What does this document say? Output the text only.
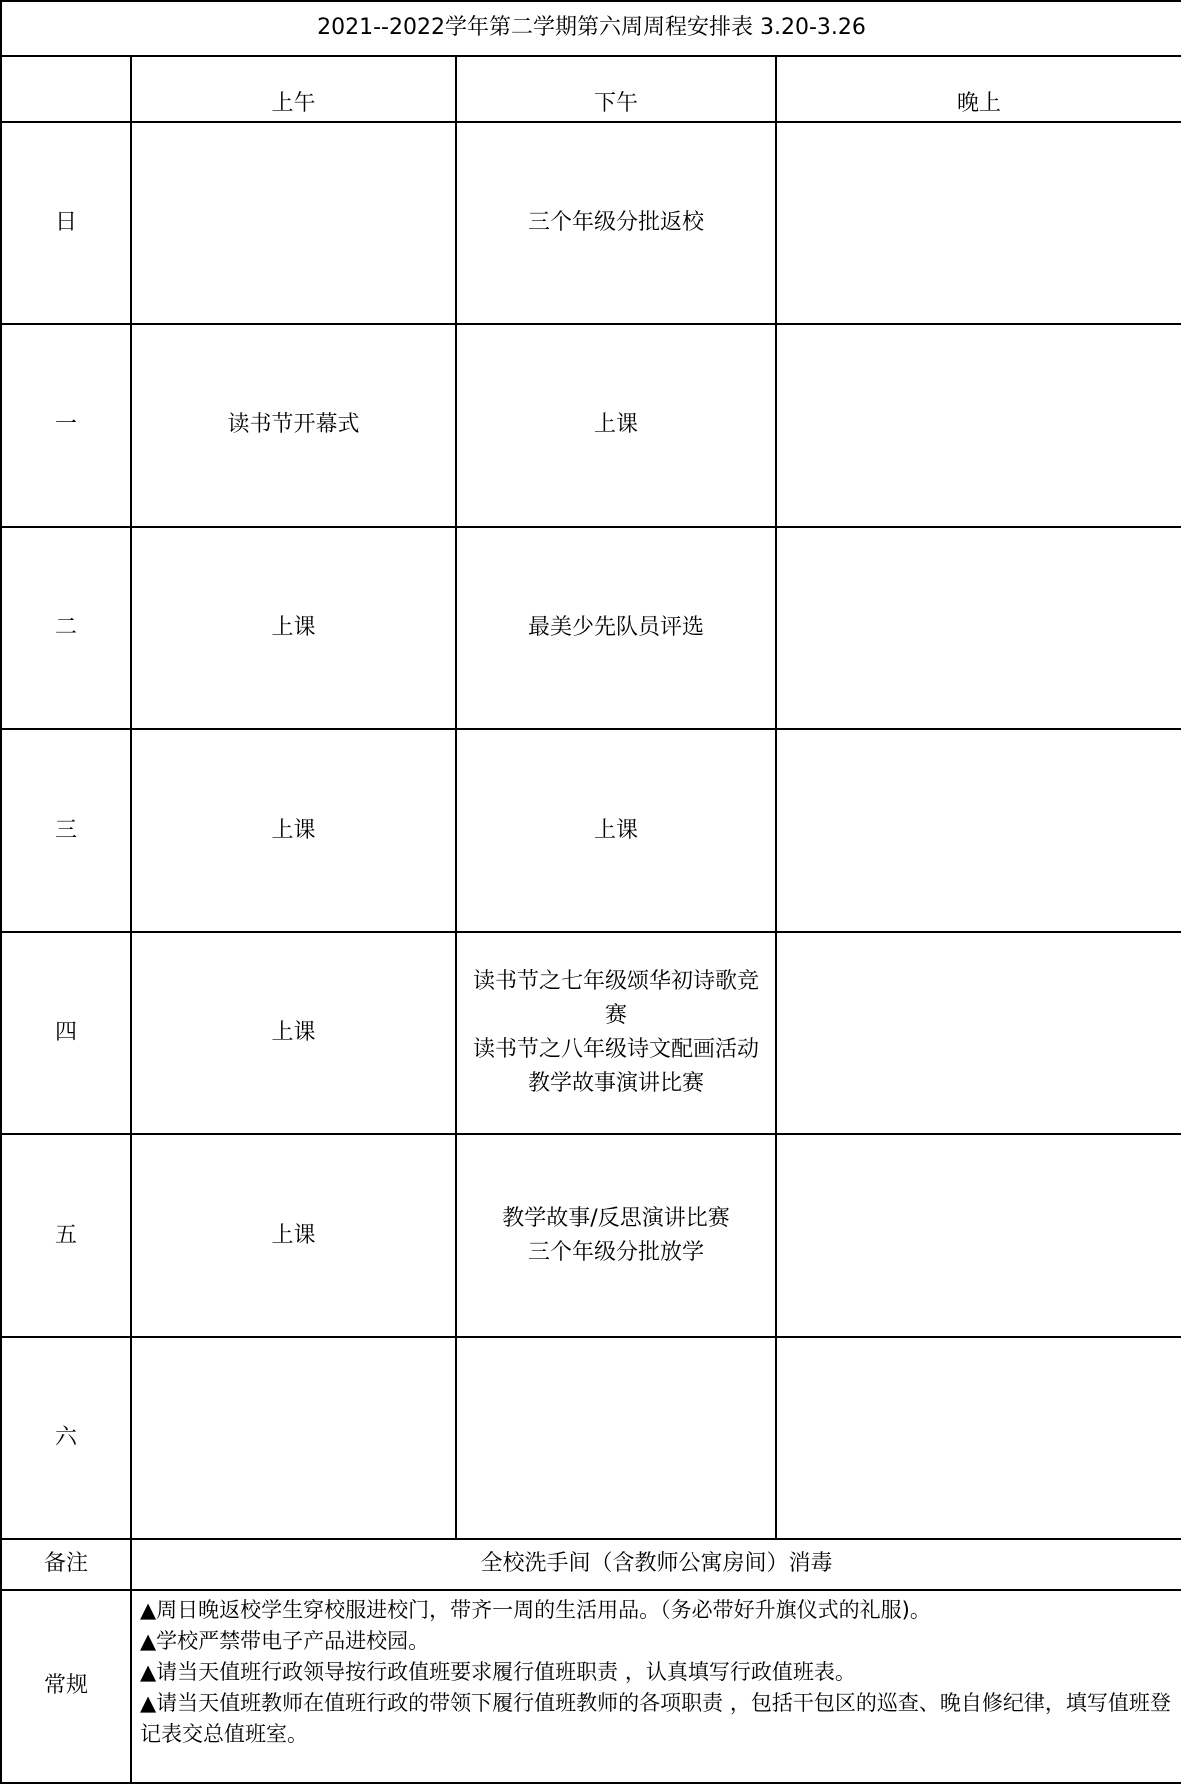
2021--2022学年第二学期第六周周程安排表 3.20-3.26			
	上午	下午	晚上
日		三个年级分批返校	

一	读书节开幕式	上课	

二	上课	最美少先队员评选	

三	上课	上课	

四	上课	读书节之七年级颂华初诗歌竞赛
读书节之八年级诗文配画活动
教学故事演讲比赛	

五	上课	教学故事/反思演讲比赛
三个年级分批放学	

六			
备注	全校洗手间（含教师公寓房间）消毒		
常规	▲周日晚返校学生穿校服进校门，带齐一周的生活用品。（务必带好升旗仪式的礼服)。
▲学校严禁带电子产品进校园。
▲请当天值班行政领导按行政值班要求履行值班职责 ，认真填写行政值班表。
▲请当天值班教师在值班行政的带领下履行值班教师的各项职责 ，包括干包区的巡查、晚自修纪律，填写值班登记表交总值班室。		
